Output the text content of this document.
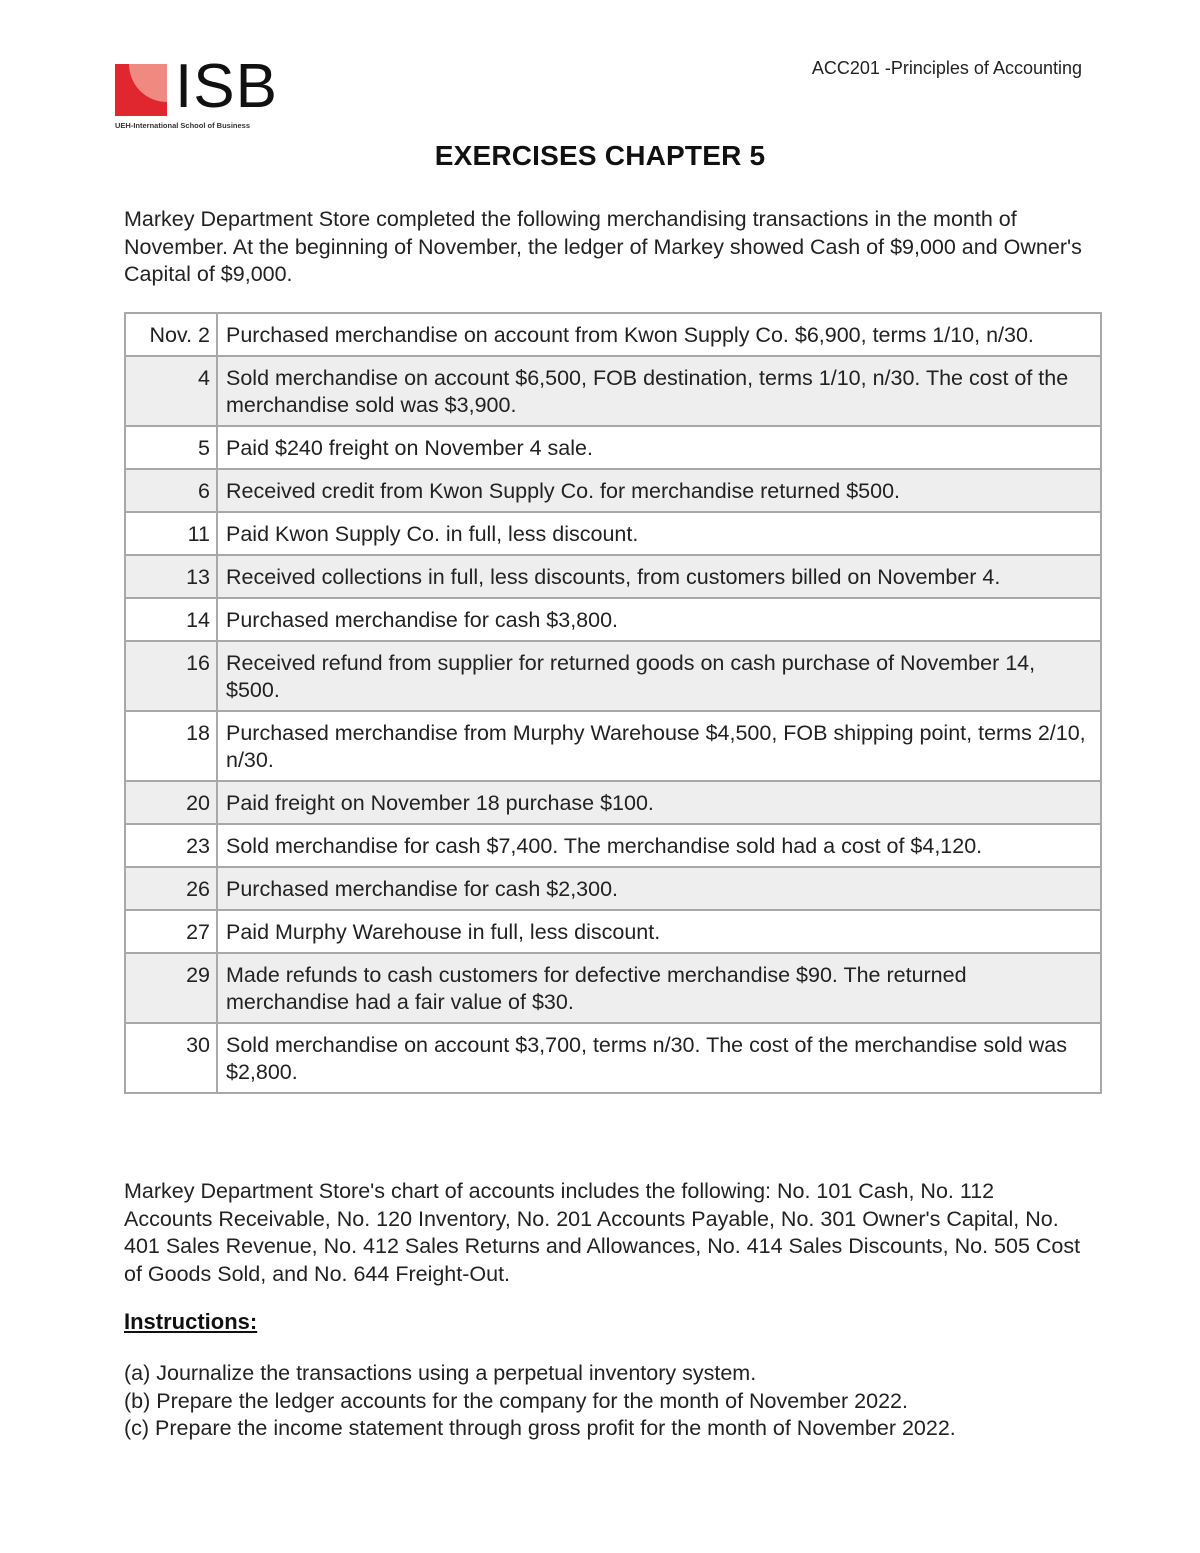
ISB
UEH-International School of Business
ACC201 -Principles of Accounting
EXERCISES CHAPTER 5

Markey Department Store completed the following merchandising transactions in the month of November. At the beginning of November, the ledger of Markey showed Cash of $9,000 and Owner's Capital of $9,000.

Nov. 2	Purchased merchandise on account from Kwon Supply Co. $6,900, terms 1/10, n/30.
4	Sold merchandise on account $6,500, FOB destination, terms 1/10, n/30. The cost of the merchandise sold was $3,900.
5	Paid $240 freight on November 4 sale.
6	Received credit from Kwon Supply Co. for merchandise returned $500.
11	Paid Kwon Supply Co. in full, less discount.
13	Received collections in full, less discounts, from customers billed on November 4.
14	Purchased merchandise for cash $3,800.
16	Received refund from supplier for returned goods on cash purchase of November 14, $500.
18	Purchased merchandise from Murphy Warehouse $4,500, FOB shipping point, terms 2/10, n/30.
20	Paid freight on November 18 purchase $100.
23	Sold merchandise for cash $7,400. The merchandise sold had a cost of $4,120.
26	Purchased merchandise for cash $2,300.
27	Paid Murphy Warehouse in full, less discount.
29	Made refunds to cash customers for defective merchandise $90. The returned merchandise had a fair value of $30.
30	Sold merchandise on account $3,700, terms n/30. The cost of the merchandise sold was $2,800.

Markey Department Store's chart of accounts includes the following: No. 101 Cash, No. 112 Accounts Receivable, No. 120 Inventory, No. 201 Accounts Payable, No. 301 Owner's Capital, No. 401 Sales Revenue, No. 412 Sales Returns and Allowances, No. 414 Sales Discounts, No. 505 Cost of Goods Sold, and No. 644 Freight-Out.

Instructions:
(a) Journalize the transactions using a perpetual inventory system.
(b) Prepare the ledger accounts for the company for the month of November 2022.
(c) Prepare the income statement through gross profit for the month of November 2022.
